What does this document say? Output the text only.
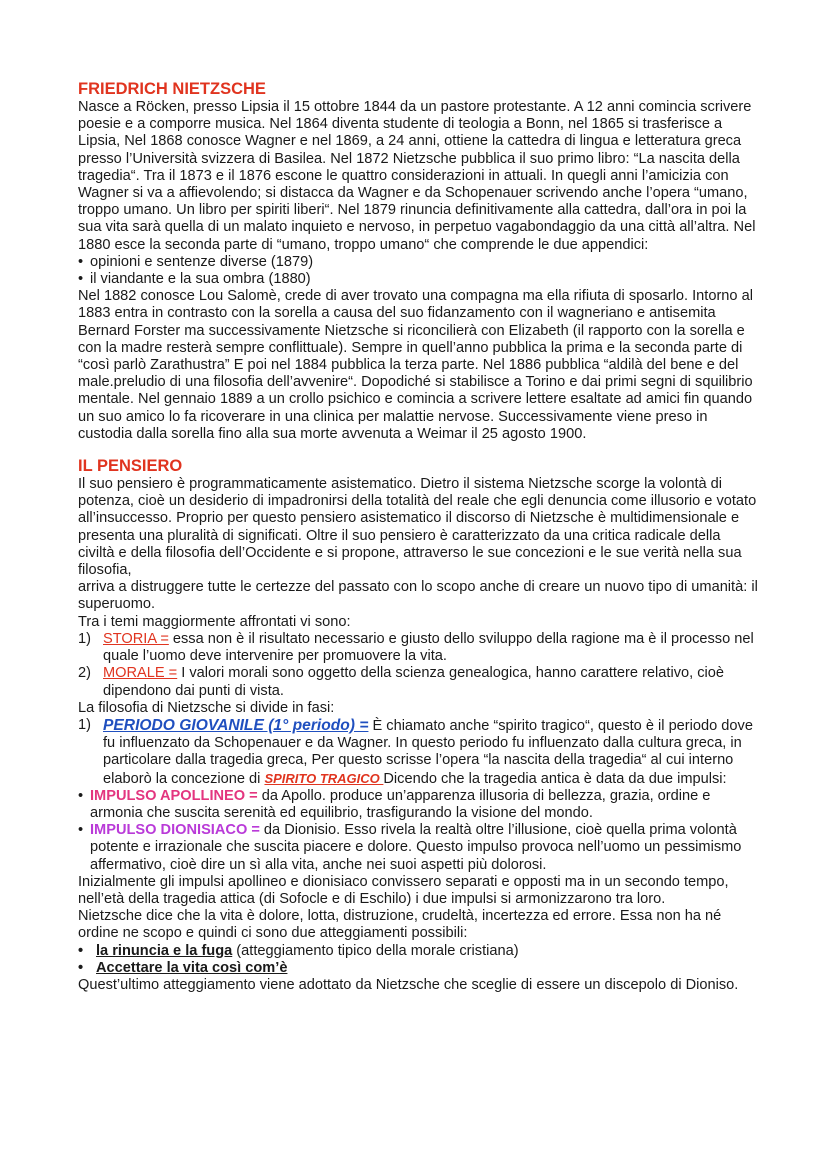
FRIEDRICH NIETZSCHE

Nasce a Röcken, presso Lipsia il 15 ottobre 1844 da un pastore protestante. A 12 anni comincia scrivere poesie e a comporre musica. Nel 1864 diventa studente di teologia a Bonn, nel 1865 si trasferisce a Lipsia, Nel 1868 conosce Wagner e nel 1869, a 24 anni, ottiene la cattedra di lingua e letteratura greca presso l’Università svizzera di Basilea. Nel 1872 Nietzsche pubblica il suo primo libro: “La nascita della tragedia“. Tra il 1873 e il 1876 escone le quattro considerazioni in attuali. In quegli anni l’amicizia con Wagner si va a affievolendo; si distacca da Wagner e da Schopenauer scrivendo anche l’opera “umano, troppo umano. Un libro per spiriti liberi“. Nel 1879 rinuncia definitivamente alla cattedra, dall’ora in poi la sua vita sarà quella di un malato inquieto e nervoso, in perpetuo vagabondaggio da una città all’altra. Nel 1880 esce la seconda parte di “umano, troppo umano“ che comprende le due appendici:

• opinioni e sentenze diverse (1879)
• il viandante e la sua ombra (1880)

Nel 1882 conosce Lou Salomè, crede di aver trovato una compagna ma ella rifiuta di sposarlo. Intorno al 1883 entra in contrasto con la sorella a causa del suo fidanzamento con il wagneriano e antisemita Bernard Forster ma successivamente Nietzsche si riconcilierà con Elizabeth (il rapporto con la sorella e con la madre resterà sempre conflittuale). Sempre in quell’anno pubblica la prima e la seconda parte di “così parlò Zarathustra” E poi nel 1884 pubblica la terza parte. Nel 1886 pubblica “aldilà del bene e del male.preludio di una filosofia dell’avvenire“. Dopodiché si stabilisce a Torino e dai primi segni di squilibrio mentale. Nel gennaio 1889 a un crollo psichico e comincia a scrivere lettere esaltate ad amici fin quando un suo amico lo fa ricoverare in una clinica per malattie nervose. Successivamente viene preso in custodia dalla sorella fino alla sua morte avvenuta a Weimar il 25 agosto 1900.

IL PENSIERO

Il suo pensiero è programmaticamente asistematico. Dietro il sistema Nietzsche scorge la volontà di potenza, cioè un desiderio di impadronirsi della totalità del reale che egli denuncia come illusorio e votato all’insuccesso. Proprio per questo pensiero asistematico il discorso di Nietzsche è multidimensionale e presenta una pluralità di significati. Oltre il suo pensiero è caratterizzato da una critica radicale della civiltà e della filosofia dell’Occidente e si propone, attraverso le sue concezioni e le sue verità nella sua filosofia,

arriva a distruggere tutte le certezze del passato con lo scopo anche di creare un nuovo tipo di umanità: il superuomo.

Tra i temi maggiormente affrontati vi sono:

1) STORIA = essa non è il risultato necessario e giusto dello sviluppo della ragione ma è il processo nel quale l’uomo deve intervenire per promuovere la vita.
2) MORALE = I valori morali sono oggetto della scienza genealogica, hanno carattere relativo, cioè dipendono dai punti di vista.

La filosofia di Nietzsche si divide in fasi:

1) PERIODO GIOVANILE (1° periodo) = È chiamato anche “spirito tragico“, questo è il periodo dove fu influenzato da Schopenauer e da Wagner. In questo periodo fu influenzato dalla cultura greca, in particolare dalla tragedia greca, Per questo scrisse l’opera “la nascita della tragedia“ al cui interno elaborò la concezione di SPIRITO TRAGICO Dicendo che la tragedia antica è data da due impulsi:
• IMPULSO APOLLINEO = da Apollo. produce un’apparenza illusoria di bellezza, grazia, ordine e armonia che suscita serenità ed equilibrio, trasfigurando la visione del mondo.
• IMPULSO DIONISIACO = da Dionisio. Esso rivela la realtà oltre l’illusione, cioè quella prima volontà potente e irrazionale che suscita piacere e dolore. Questo impulso provoca nell’uomo un pessimismo affermativo, cioè dire un sì alla vita, anche nei suoi aspetti più dolorosi.

Inizialmente gli impulsi apollineo e dionisiaco convissero separati e opposti ma in un secondo tempo, nell’età della tragedia attica (di Sofocle e di Eschilo) i due impulsi si armonizzarono tra loro.

Nietzsche dice che la vita è dolore, lotta, distruzione, crudeltà, incertezza ed errore. Essa non ha né ordine ne scopo e quindi ci sono due atteggiamenti possibili:

• la rinuncia e la fuga (atteggiamento tipico della morale cristiana)
• Accettare la vita così com’è

Quest’ultimo atteggiamento viene adottato da Nietzsche che sceglie di essere un discepolo di Dioniso.
